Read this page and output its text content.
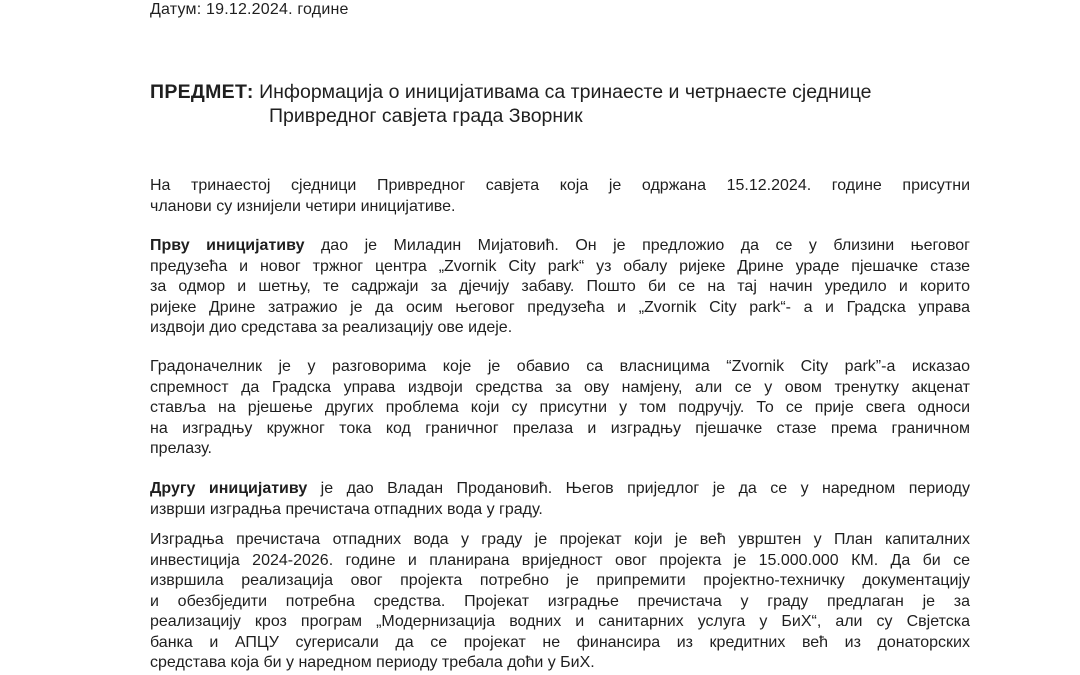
Датум: 19.12.2024. године
ПРЕДМЕТ: Информација о иницијативама са тринаесте и четрнаесте сједнице
Привредног савјета града Зворник
На тринаестој сједници Привредног савјета која је одржана 15.12.2024. године присутни
чланови су изнијели четири иницијативе.
Прву иницијативу дао је Миладин Мијатовић. Он је предложио да се у близини његовог
предузећа и новог тржног центра „Zvornik City park“ уз обалу ријеке Дрине ураде пјешачке стазе
за одмор и шетњу, те садржаји за дјечију забаву. Пошто би се на тај начин уредило и корито
ријеке Дрине затражио је да осим његовог предузећа и „Zvornik City park“- а и Градска управа
издвоји дио средстава за реализацију ове идеје.
Градоначелник је у разговорима које је обавио са власницима “Zvornik City park”-а исказао
спремност да Градска управа издвоји средства за ову намјену, али се у овом тренутку акценат
ставља на рјешење других проблема који су присутни у том подручју. То се прије свега односи
на изградњу кружног тока код граничног прелаза и изградњу пјешачке стазе према граничном
прелазу.
Другу иницијативу је дао Владан Продановић. Његов приједлог је да се у наредном периоду
изврши изградња пречистача отпадних вода у граду.
Изградња пречистача отпадних вода у граду је пројекат који је већ уврштен у План капиталних
инвестиција 2024-2026. године и планирана вриједност овог пројекта је 15.000.000 КМ. Да би се
извршила реализација овог пројекта потребно је припремити пројектно-техничку документацију
и обезбједити потребна средства. Пројекат изградње пречистача у граду предлаган је за
реализацију кроз програм „Модернизација водних и санитарних услуга у БиХ“, али су Свјетска
банка и АПЦУ сугерисали да се пројекат не финансира из кредитних већ из донаторских
средстава која би у наредном периоду требала доћи у БиХ.
